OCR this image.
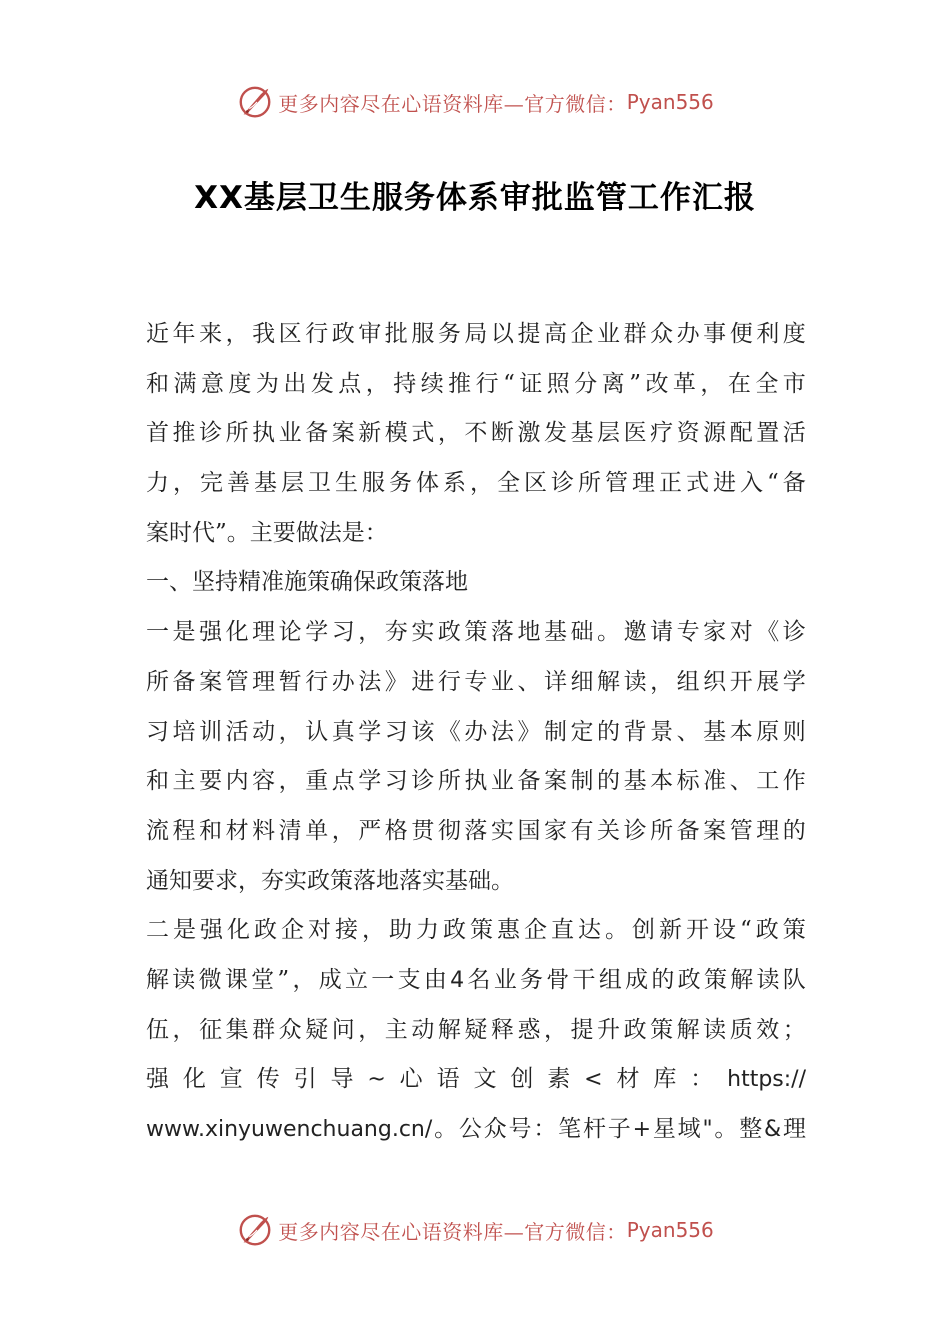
更多内容尽在心语资料库—官方微信： Pyan556
XX基层卫生服务体系审批监管工作汇报
近 年 来 ， 我 区 行 政 审 批 服 务 局 以 提 高 企 业 群 众 办 事 便 利 度
和 满 意 度 为 出 发 点 ， 持 续 推 行 “ 证 照 分 离 ” 改 革 ， 在 全 市
首 推 诊 所 执 业 备 案 新 模 式 ， 不 断 激 发 基 层 医 疗 资 源 配 置 活
力 ， 完 善 基 层 卫 生 服 务 体 系 ， 全 区 诊 所 管 理 正 式 进 入 “ 备
案时代”。主要做法是：
一、坚持精准施策确保政策落地
一 是 强 化 理 论 学 习 ， 夯 实 政 策 落 地 基 础 。 邀 请 专 家 对 《 诊
所 备 案 管 理 暂 行 办 法 》 进 行 专 业 、 详 细 解 读 ， 组 织 开 展 学
习 培 训 活 动 ， 认 真 学 习 该 《 办 法 》 制 定 的 背 景 、 基 本 原 则
和 主 要 内 容 ， 重 点 学 习 诊 所 执 业 备 案 制 的 基 本 标 准 、 工 作
流 程 和 材 料 清 单 ， 严 格 贯 彻 落 实 国 家 有 关 诊 所 备 案 管 理 的
通知要求，夯实政策落地落实基础。
二 是 强 化 政 企 对 接 ， 助 力 政 策 惠 企 直 达 。 创 新 开 设 “ 政 策
解 读 微 课 堂 ” ， 成 立 一 支 由 4 名 业 务 骨 干 组 成 的 政 策 解 读 队
伍 ， 征 集 群 众 疑 问 ， 主 动 解 疑 释 惑 ， 提 升 政 策 解 读 质 效 ；
强 化 宣 传 引 导 ~ 心 语 文 创 素 < 材 库 ： https://
www.xinyuwenchuang.cn/ 。 公 众 号 ： 笔 杆 子 + 星 域 " 。 整 & 理
更多内容尽在心语资料库—官方微信： Pyan556
